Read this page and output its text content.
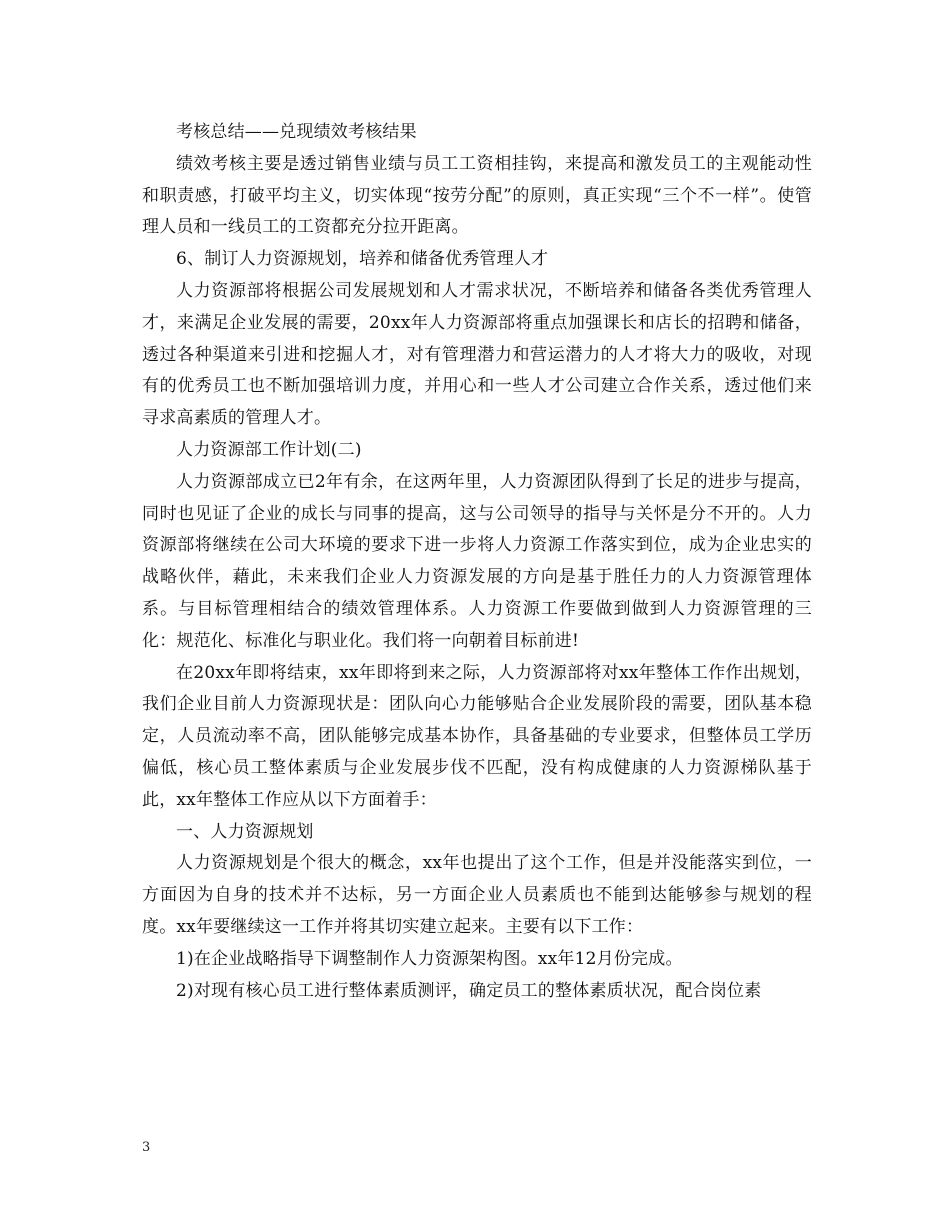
考核总结——兑现绩效考核结果

绩效考核主要是透过销售业绩与员工工资相挂钩，来提高和激发员工的主观能动性和职责感，打破平均主义，切实体现“按劳分配”的原则，真正实现“三个不一样”。使管理人员和一线员工的工资都充分拉开距离。

6、制订人力资源规划，培养和储备优秀管理人才

人力资源部将根据公司发展规划和人才需求状况，不断培养和储备各类优秀管理人才，来满足企业发展的需要，20xx年人力资源部将重点加强课长和店长的招聘和储备，透过各种渠道来引进和挖掘人才，对有管理潜力和营运潜力的人才将大力的吸收，对现有的优秀员工也不断加强培训力度，并用心和一些人才公司建立合作关系，透过他们来寻求高素质的管理人才。

人力资源部工作计划(二)

人力资源部成立已2年有余，在这两年里，人力资源团队得到了长足的进步与提高，同时也见证了企业的成长与同事的提高，这与公司领导的指导与关怀是分不开的。人力资源部将继续在公司大环境的要求下进一步将人力资源工作落实到位，成为企业忠实的战略伙伴，藉此，未来我们企业人力资源发展的方向是基于胜任力的人力资源管理体系。与目标管理相结合的绩效管理体系。人力资源工作要做到做到人力资源管理的三化：规范化、标准化与职业化。我们将一向朝着目标前进!

在20xx年即将结束，xx年即将到来之际，人力资源部将对xx年整体工作作出规划，我们企业目前人力资源现状是：团队向心力能够贴合企业发展阶段的需要，团队基本稳定，人员流动率不高，团队能够完成基本协作，具备基础的专业要求，但整体员工学历偏低，核心员工整体素质与企业发展步伐不匹配，没有构成健康的人力资源梯队基于此，xx年整体工作应从以下方面着手：

一、人力资源规划

人力资源规划是个很大的概念，xx年也提出了这个工作，但是并没能落实到位，一方面因为自身的技术并不达标，另一方面企业人员素质也不能到达能够参与规划的程度。xx年要继续这一工作并将其切实建立起来。主要有以下工作：

1)在企业战略指导下调整制作人力资源架构图。xx年12月份完成。

2)对现有核心员工进行整体素质测评，确定员工的整体素质状况，配合岗位素

3
